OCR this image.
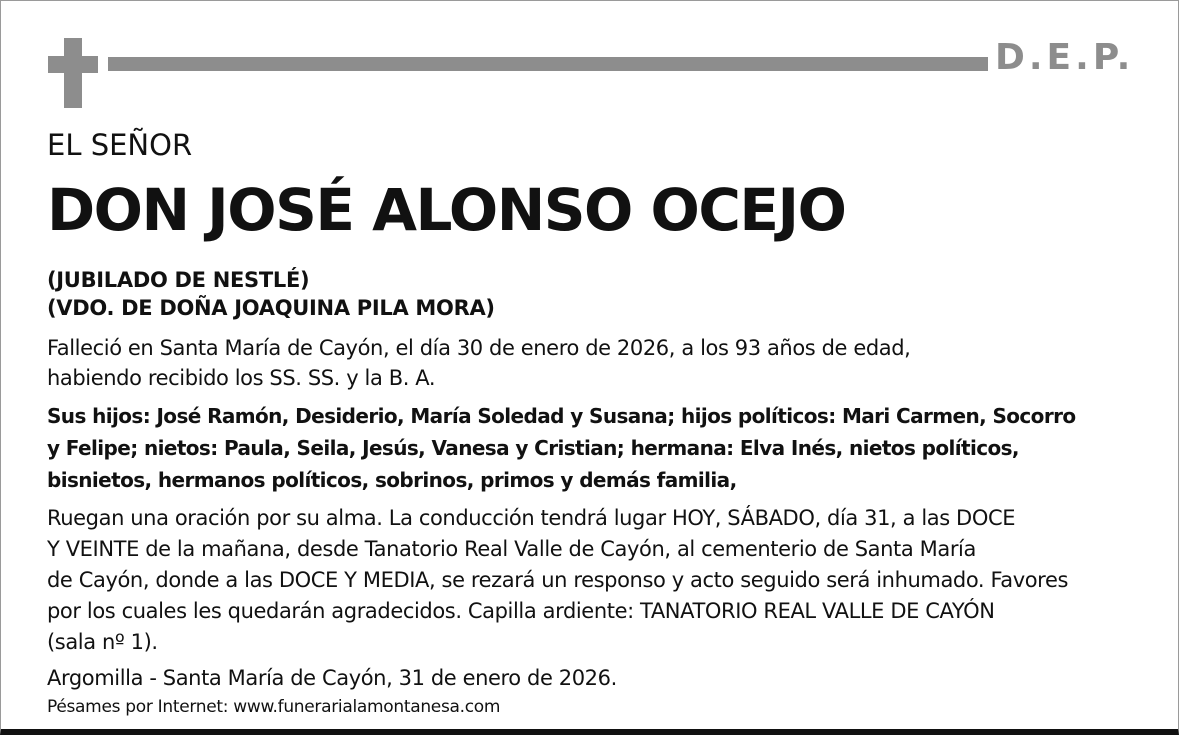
D.E.P.
EL SEÑOR
DON JOSÉ ALONSO OCEJO
(JUBILADO DE NESTLÉ)
(VDO. DE DOÑA JOAQUINA PILA MORA)
Falleció en Santa María de Cayón, el día 30 de enero de 2026, a los 93 años de edad,
habiendo recibido los SS. SS. y la B. A.
Sus hijos: José Ramón, Desiderio, María Soledad y Susana; hijos políticos: Mari Carmen, Socorro
y Felipe; nietos: Paula, Seila, Jesús, Vanesa y Cristian; hermana: Elva Inés, nietos políticos,
bisnietos, hermanos políticos, sobrinos, primos y demás familia,
Ruegan una oración por su alma. La conducción tendrá lugar HOY, SÁBADO, día 31, a las DOCE
Y VEINTE de la mañana, desde Tanatorio Real Valle de Cayón, al cementerio de Santa María
de Cayón, donde a las DOCE Y MEDIA, se rezará un responso y acto seguido será inhumado. Favores
por los cuales les quedarán agradecidos. Capilla ardiente: TANATORIO REAL VALLE DE CAYÓN
(sala nº 1).
Argomilla - Santa María de Cayón, 31 de enero de 2026.
Pésames por Internet: www.funerarialamontanesa.com
